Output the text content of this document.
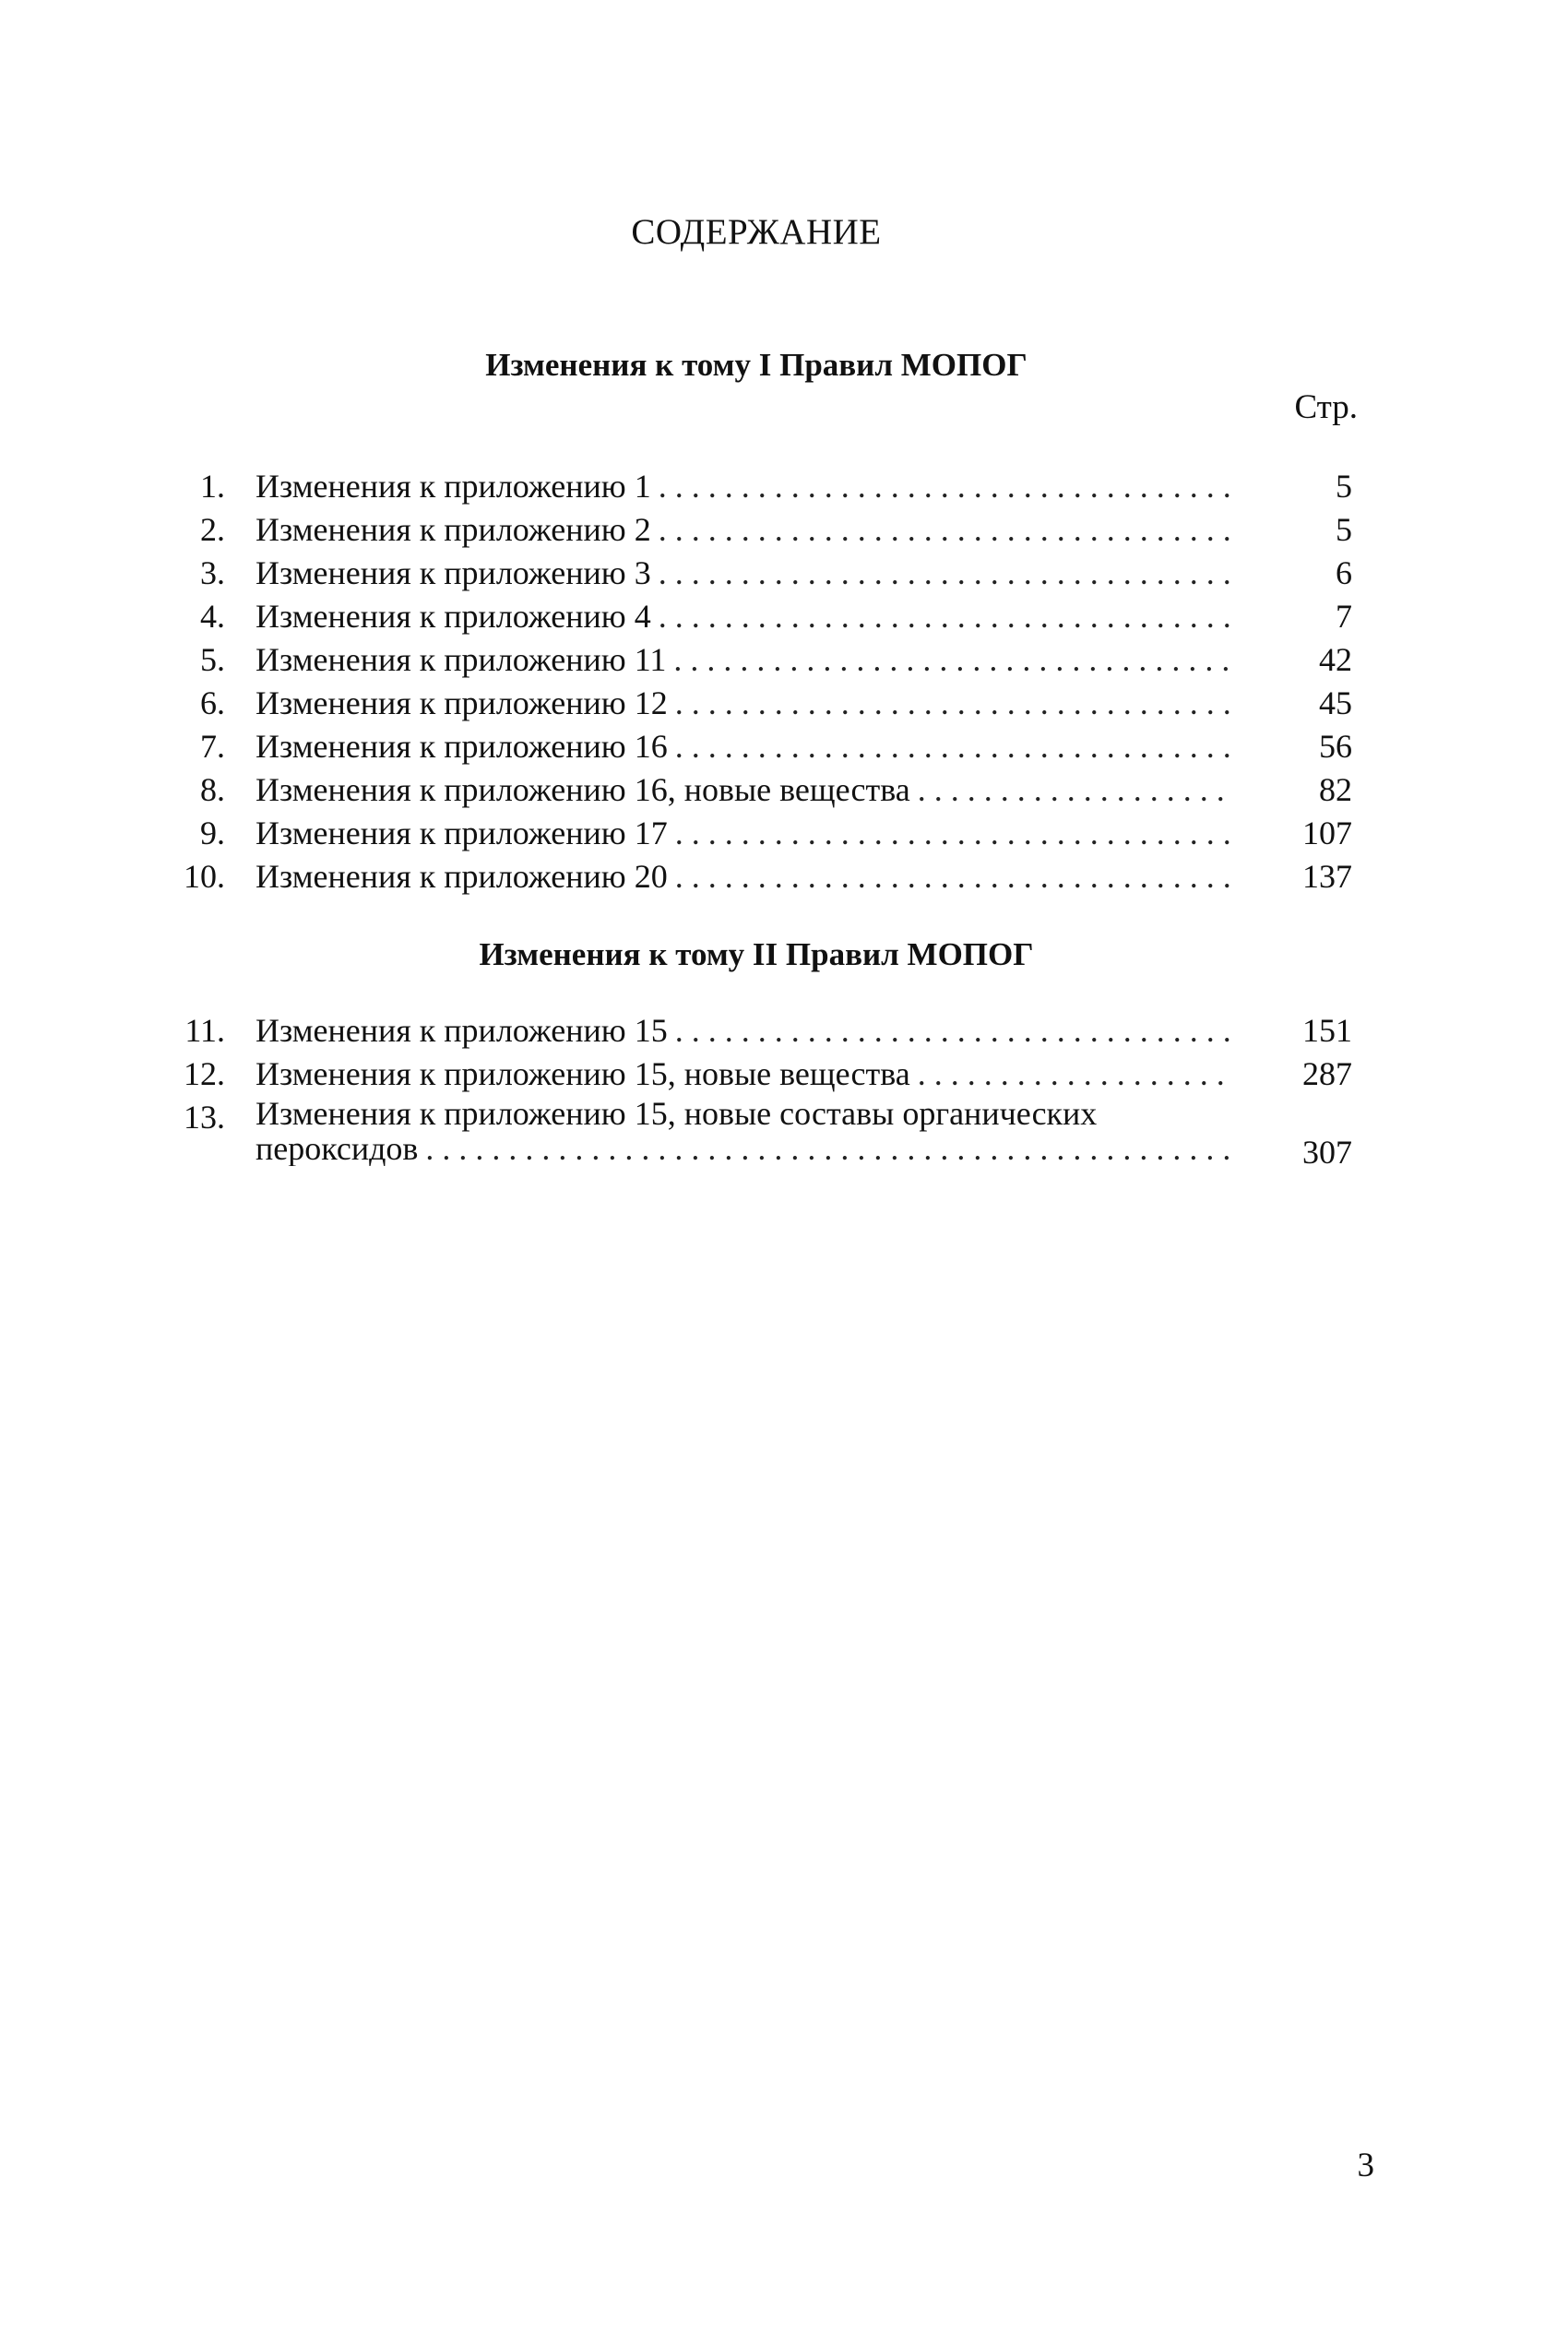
СОДЕРЖАНИЕ
Изменения к тому I Правил МОПОГ
Стр.
1. Изменения к приложению 1 . . .	5
2. Изменения к приложению 2 . . .	5
3. Изменения к приложению 3 . . .	6
4. Изменения к приложению 4 . . .	7
5. Изменения к приложению 11 . . .	42
6. Изменения к приложению 12 . . .	45
7. Изменения к приложению 16 . . .	56
8. Изменения к приложению 16, новые вещества . . .	82
9. Изменения к приложению 17 . . .	107
10. Изменения к приложению 20 . . .	137
Изменения к тому II Правил МОПОГ
11. Изменения к приложению 15 . . .	151
12. Изменения к приложению 15, новые вещества . . .	287
13. Изменения к приложению 15, новые составы органических
пероксидов . . .	307
3
